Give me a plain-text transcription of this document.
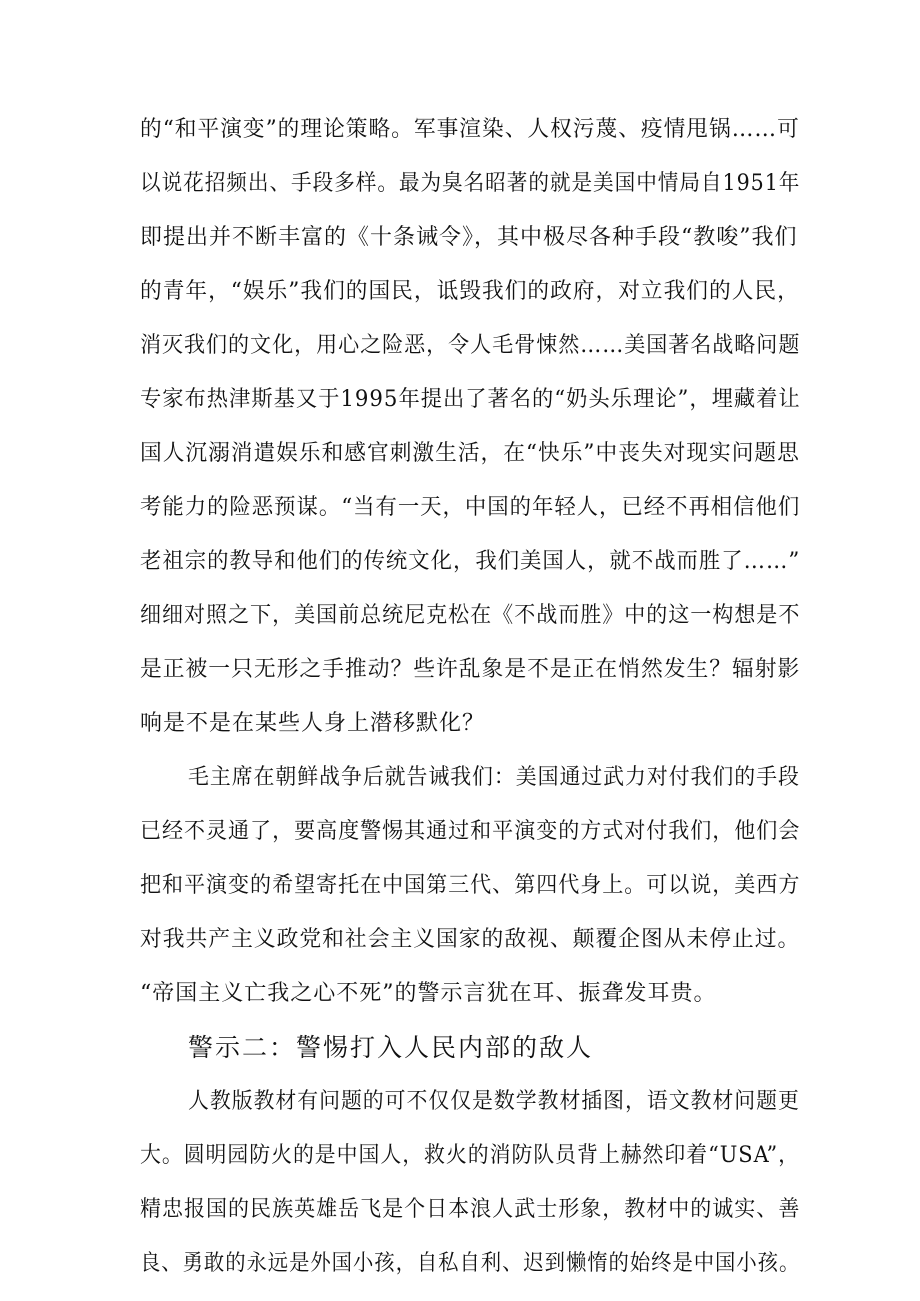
的“和平演变”的理论策略。军事渲染、人权污蔑、疫情甩锅……可
以说花招频出、手段多样。最为臭名昭著的就是美国中情局自1951年
即提出并不断丰富的《十条诫令》，其中极尽各种手段“教唆”我们
的青年，“娱乐”我们的国民，诋毁我们的政府，对立我们的人民，
消灭我们的文化，用心之险恶，令人毛骨悚然……美国著名战略问题
专家布热津斯基又于1995年提出了著名的“奶头乐理论”，埋藏着让
国人沉溺消遣娱乐和感官刺激生活，在“快乐”中丧失对现实问题思
考能力的险恶预谋。“当有一天，中国的年轻人，已经不再相信他们
老祖宗的教导和他们的传统文化，我们美国人，就不战而胜了……”
细细对照之下，美国前总统尼克松在《不战而胜》中的这一构想是不
是正被一只无形之手推动？些许乱象是不是正在悄然发生？辐射影
响是不是在某些人身上潜移默化？
毛主席在朝鲜战争后就告诫我们：美国通过武力对付我们的手段
已经不灵通了，要高度警惕其通过和平演变的方式对付我们，他们会
把和平演变的希望寄托在中国第三代、第四代身上。可以说，美西方
对我共产主义政党和社会主义国家的敌视、颠覆企图从未停止过。
“帝国主义亡我之心不死”的警示言犹在耳、振聋发耳贵。
警示二：警惕打入人民内部的敌人
人教版教材有问题的可不仅仅是数学教材插图，语文教材问题更
大。圆明园防火的是中国人，救火的消防队员背上赫然印着“USA”，
精忠报国的民族英雄岳飞是个日本浪人武士形象，教材中的诚实、善
良、勇敢的永远是外国小孩，自私自利、迟到懒惰的始终是中国小孩。
